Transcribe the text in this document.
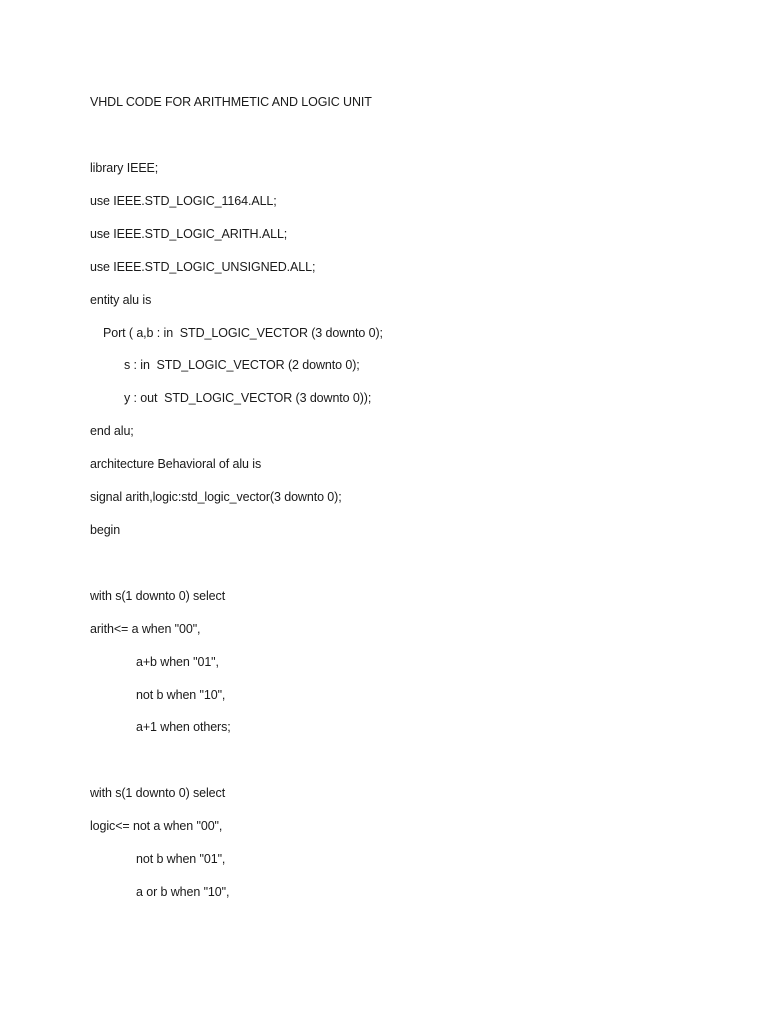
VHDL CODE FOR ARITHMETIC AND LOGIC UNIT
library IEEE;
use IEEE.STD_LOGIC_1164.ALL;
use IEEE.STD_LOGIC_ARITH.ALL;
use IEEE.STD_LOGIC_UNSIGNED.ALL;
entity alu is
Port ( a,b : in  STD_LOGIC_VECTOR (3 downto 0);
s : in  STD_LOGIC_VECTOR (2 downto 0);
y : out  STD_LOGIC_VECTOR (3 downto 0));
end alu;
architecture Behavioral of alu is
signal arith,logic:std_logic_vector(3 downto 0);
begin
with s(1 downto 0) select
arith<= a when "00",
a+b when "01",
not b when "10",
a+1 when others;
with s(1 downto 0) select
logic<= not a when "00",
not b when "01",
a or b when "10",
